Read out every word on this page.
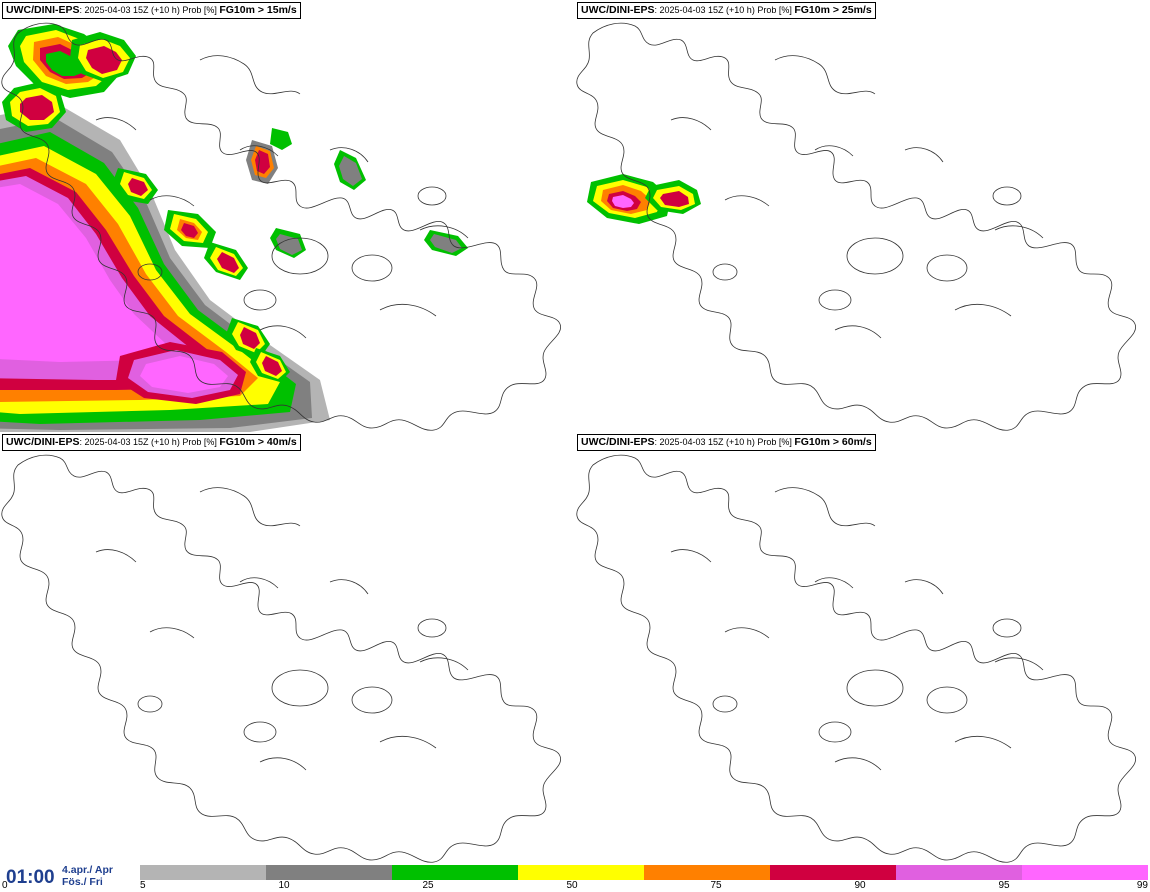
UWC/DINI-EPS: 2025-04-03 15Z (+10 h) Prob [%] FG10m > 15m/s	UWC/DINI-EPS: 2025-04-03 15Z (+10 h) Prob [%] FG10m > 25m/s
UWC/DINI-EPS: 2025-04-03 15Z (+10 h) Prob [%] FG10m > 40m/s	UWC/DINI-EPS: 2025-04-03 15Z (+10 h) Prob [%] FG10m > 60m/s
01:00 4.apr./ Apr
Fös./ Fri
0	5	10	25	50	75	90	95	99
